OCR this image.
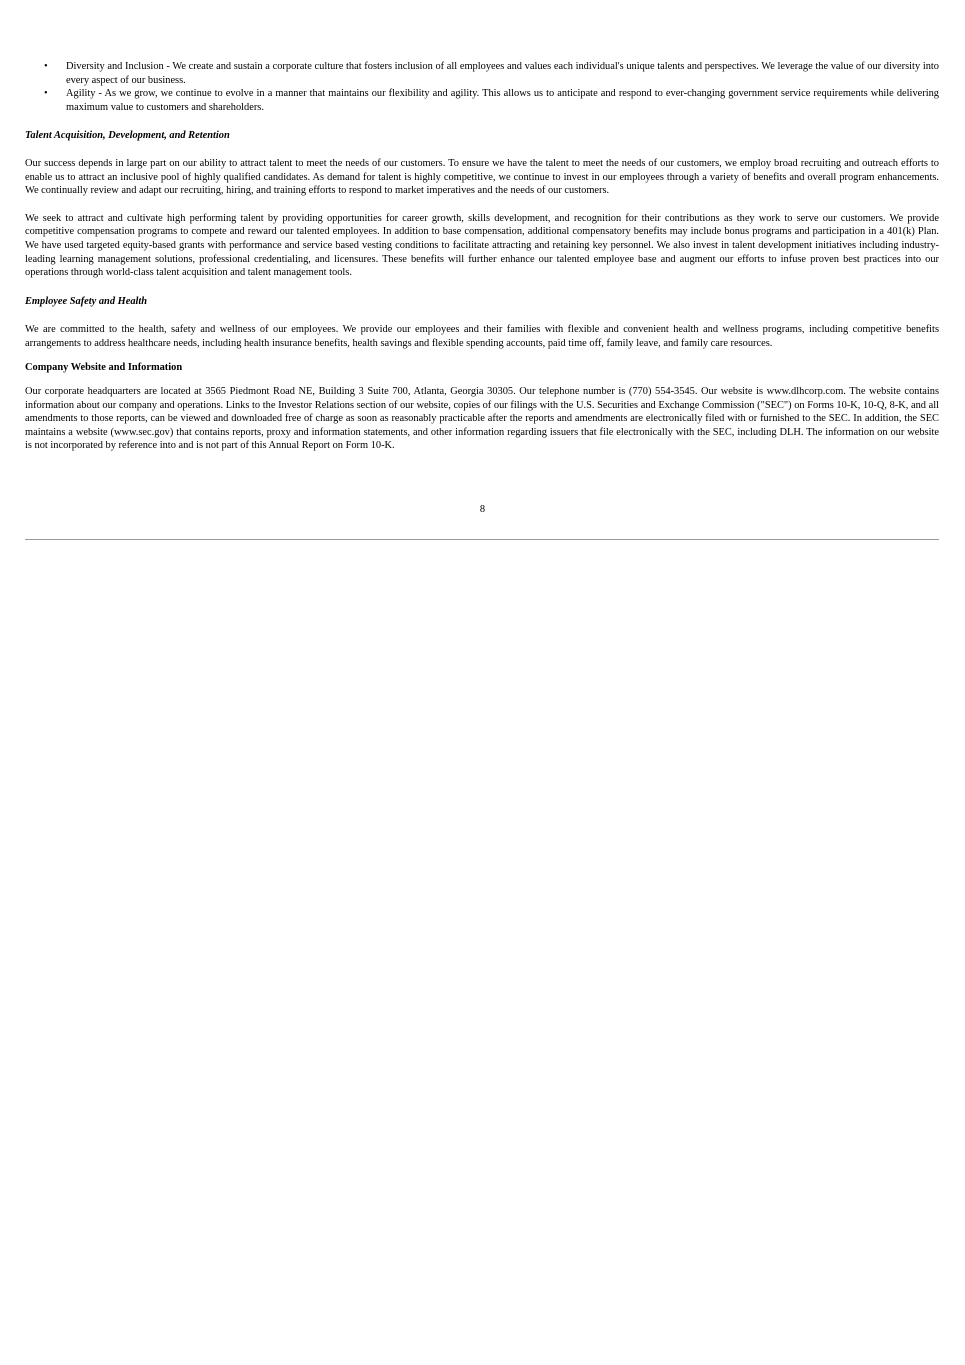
• Diversity and Inclusion - We create and sustain a corporate culture that fosters inclusion of all employees and values each individual's unique talents and perspectives. We leverage the value of our diversity into every aspect of our business.
• Agility - As we grow, we continue to evolve in a manner that maintains our flexibility and agility. This allows us to anticipate and respond to ever-changing government service requirements while delivering maximum value to customers and shareholders.

Talent Acquisition, Development, and Retention

Our success depends in large part on our ability to attract talent to meet the needs of our customers. To ensure we have the talent to meet the needs of our customers, we employ broad recruiting and outreach efforts to enable us to attract an inclusive pool of highly qualified candidates. As demand for talent is highly competitive, we continue to invest in our employees through a variety of benefits and overall program enhancements. We continually review and adapt our recruiting, hiring, and training efforts to respond to market imperatives and the needs of our customers.

We seek to attract and cultivate high performing talent by providing opportunities for career growth, skills development, and recognition for their contributions as they work to serve our customers. We provide competitive compensation programs to compete and reward our talented employees. In addition to base compensation, additional compensatory benefits may include bonus programs and participation in a 401(k) Plan. We have used targeted equity-based grants with performance and service based vesting conditions to facilitate attracting and retaining key personnel. We also invest in talent development initiatives including industry-leading learning management solutions, professional credentialing, and licensures. These benefits will further enhance our talented employee base and augment our efforts to infuse proven best practices into our operations through world-class talent acquisition and talent management tools.

Employee Safety and Health

We are committed to the health, safety and wellness of our employees. We provide our employees and their families with flexible and convenient health and wellness programs, including competitive benefits arrangements to address healthcare needs, including health insurance benefits, health savings and flexible spending accounts, paid time off, family leave, and family care resources.

Company Website and Information

Our corporate headquarters are located at 3565 Piedmont Road NE, Building 3 Suite 700, Atlanta, Georgia 30305. Our telephone number is (770) 554-3545. Our website is www.dlhcorp.com. The website contains information about our company and operations. Links to the Investor Relations section of our website, copies of our filings with the U.S. Securities and Exchange Commission ("SEC") on Forms 10-K, 10-Q, 8-K, and all amendments to those reports, can be viewed and downloaded free of charge as soon as reasonably practicable after the reports and amendments are electronically filed with or furnished to the SEC. In addition, the SEC maintains a website (www.sec.gov) that contains reports, proxy and information statements, and other information regarding issuers that file electronically with the SEC, including DLH. The information on our website is not incorporated by reference into and is not part of this Annual Report on Form 10-K.

8
